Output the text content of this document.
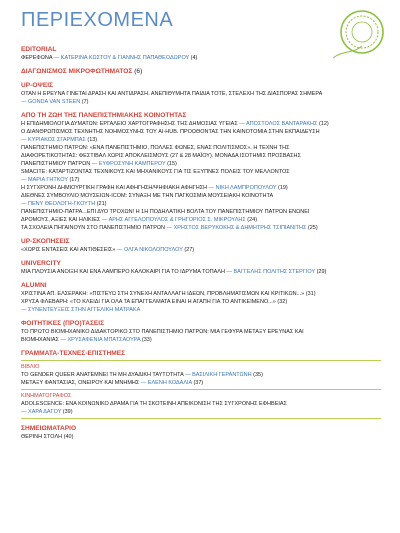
ΠΕΡΙΕΧΟΜΕΝΑ
EDITORIAL
ΦΕΡΕΦΩΝΑ — ΚΑΤΕΡΙΝΑ ΚΩΣΤΟΥ & ΓΙΑΝΝΗΣ ΠΑΠΑΘΕΟΔΩΡΟΥ (4)
ΔΙΑΓΩΝΙΣΜΟΣ ΜΙΚΡΟΦΩΤΗΜΑΤΟΣ (6)
UP-ΟΨΕΙΣ
ΟΤΑΝ Η ΕΡΕΥΝΑ ΓΙΝΕΤΑΙ ΔΡΑΣΗ ΚΑΙ ΑΝΤΙΔΡΑΣΗ. ΑΝΕΠΙΘΥΜΗΤΑ ΠΑΙΔΙΑ ΤΟΤΕ, ΣΤΕΛΕΧΗ ΤΗΣ ΔΙΑΣΠΟΡΑΣ ΣΗΜΕΡΑ
— GONDA VAN STEEN (7)
ΑΠΟ ΤΗ ΖΩΗ ΤΗΣ ΠΑΝΕΠΙΣΤΗΜΙΑΚΗΣ ΚΟΙΝΟΤΗΤΑΣ
Η ΕΠΙΔΗΜΙΟΛΟΓΙΑ ΔΥΜΑΤΩΝ: ΕΡΓΑΛΕΙΟ ΧΑΡΤΟΓΡΑΦΗΣΗΣ ΤΗΣ ΔΗΜΟΣΙΑΣ ΥΓΕΙΑΣ — ΑΠΟΣΤΟΛΟΣ ΒΑΝΤΑΡΑΚΗΣ (12)
Ο ΔΙΑΝΘΡΩΠΙΣΜΟΣ ΤΕΧΝΗΤΗΣ ΝΟΗΜΟΣΥΝΗΣ ΤΟΥ AI-HUB. ΠΡΟΩΘΟΝΤΑΣ ΤΗΝ ΚΑΙΝΟΤΟΜΙΑ ΣΤΗΝ ΕΚΠΑΙΔΕΥΣΗ
— ΚΥΡΙΑΚΟΣ ΣΓΑΡΜΠΑΣ (13)
ΠΑΝΕΠΙΣΤΗΜΙΟ ΠΑΤΡΩΝ: «ΕΝΑ ΠΑΝΕΠΙΣΤΗΜΙΟ, ΠΟΛΛΕΣ ΦΩΝΕΣ, ΕΝΑΣ ΠΟΛΙΤΙΣΜΟΣ». Η ΤΕΧΝΗ ΤΗΣ
ΔΙΑΦΟΡΕΤΙΚΟΤΗΤΑΣ: ΦΕΣΤΙΒΑΛ ΧΩΡΙΣ ΑΠΟΚΛΕΙΣΜΟΥΣ (27 & 28 ΜΑΪΟΥ). ΜΟΝΑΔΑ ΙΣΟΤΗΜΙΣ ΠΡΟΣΒΑΣΗΣ
ΠΑΝΕΠΙΣΤΗΜΙΟΥ ΠΑΤΡΩΝ — ΕΥΦΡΟΣΥΝΗ ΚΑΜΠΕΡΟΥ (15)
SMACITE: ΚΑΤΑΡΤΙΖΟΝΤΑΣ ΤΕΧΝΙΚΟΥΣ ΚΑΙ ΜΗΧΑΝΙΚΟΥΣ ΓΙΑ ΤΙΣ ΕΞΥΠΝΕΣ ΠΟΛΕΙΣ ΤΟΥ ΜΕΛΛΟΝΤΟΣ
— ΜΑΡΙΑ ΓΗΤΚΟΥ (17)
Η ΣΥΓΧΡΟΝΗ ΔΗΜΙΟΥΡΓΙΚΗ ΓΡΑΦΗ ΚΑΙ ΑΦΗΓΗΣΗ/ΨΗΦΙΑΚΗ ΑΦΗΓΗΣΗ — ΝΙΚΗ ΛΑΜΠΡΟΠΟΥΛΟΥ (19)
ΔΙΕΘΝΕΣ ΣΥΜΒΟΥΛΙΟ ΜΟΥΣΕΙΩΝ-ICOM: ΣΥΝΑΞΗ ΜΕ ΤΗΝ ΠΑΓΚΟΣΜΙΑ ΜΟΥΣΕΙΑΚΗ ΚΟΙΝΟΤΗΤΑ
— ΠΕΝΥ ΘΕΟΛΟΓΗ-ΓΚΟΥΤΗ (21)
ΠΑΝΕΠΙΣΤΗΜΙΟ-ΠΑΤΡΑ...ΕΠΙ ΔΥΟ ΤΡΟΧΩΝ! Η 1Η ΠΟΔΗΛΑΤΙΚΗ ΒΟΛΤΑ ΤΟΥ ΠΑΝΕΠΙΣΤΗΜΙΟΥ ΠΑΤΡΩΝ ΕΝΩΝΕΙ
ΔΡΟΜΟΥΣ, ΑΞΙΕΣ ΚΑΙ ΗΛΙΚΙΕΣ — ΑΡΗΣ ΑΓΓΕΛΟΠΟΥΛΟΣ & ΓΡΗΓΟΡΙΟΣ Σ. ΜΙΚΡΟΥΛΗΣ (24)
ΤΑ ΣΧΟΛΕΙΑ ΠΗΓΑΙΝΟΥΝ ΣΤΟ ΠΑΝΕΠΙΣΤΗΜΙΟ ΠΑΤΡΩΝ — ΧΡΗΣΤΟΣ ΒΕΡΥΚΟΚΗΣ & ΔΗΜΗΤΡΗΣ ΤΣΙΠΙΑΝΙΤΗΣ (25)
UP-ΣΚΟΠΗΣΕΙΣ
«ΧΩΡΙΣ ΕΝΤΑΣΕΙΣ ΚΑΙ ΑΝΤΙΘΕΣΕΙΣ» — ΟΛΓΑ ΝΙΚΟΛΟΠΟΥΛΟΥ (27)
UNIVERCITY
ΜΙΑ ΠΛΟΥΣΙΑ ΑΝΟΙΞΗ ΚΑΙ ΕΝΑ ΛΑΜΠΕΡΟ ΚΑΛΟΚΑΙΡΙ ΓΙΑ ΤΟ ΙΔΡΥΜΑ ΤΟΠΑΛΗ — ΒΑΓΓΕΛΗΣ ΠΟΛΙΤΗΣ ΣΤΕΡΓΙΟΥ (29)
ALUMNI
ΧΡΙΣΤΙΝΑ ΑΠ. ΕΛΣΕΡΑΚΗ: «ΠΙΣΤΕΥΩ ΣΤΗ ΣΥΝΕΧΗ ΑΝΤΑΛΛΑΓΗ ΙΔΕΩΝ, ΠΡΟΒΛΗΜΑΤΙΣΜΩΝ ΚΑΙ ΚΡΙΤΙΚΩΝ...» (31)
ΧΡΥΣΑ ΦΛΕΒΑΡΗ: «ΤΟ ΚΛΕΙΔΙ ΓΙΑ ΟΛΑ ΤΑ ΕΠΑΓΓΕΛΜΑΤΑ ΕΙΝΑΙ Η ΑΓΑΠΗ ΓΙΑ ΤΟ ΑΝΤΙΚΕΙΜΕΝΟ...» (32)
— ΣΥΝΕΝΤΕΥΞΕΙΣ ΣΤΗΝ ΑΓΓΕΛΙΚΗ ΜΑΤΡΑΚΑ
ΦΟΙΤΗΤΙΚΕΣ (ΠΡΟ)ΤΑΣΕΙΣ
ΤΟ ΠΡΩΤΟ ΒΙΟΜΗΧΑΝΙΚΟ ΔΙΔΑΚΤΟΡΙΚΟ ΣΤΟ ΠΑΝΕΠΙΣΤΗΜΙΟ ΠΑΤΡΩΝ: ΜΙΑ ΓΕΦΥΡΑ ΜΕΤΑΞΥ ΕΡΕΥΝΑΣ ΚΑΙ
ΒΙΟΜΗΧΑΝΙΑΣ — ΧΡΥΣΑΦΕΝΙΑ ΜΠΑΤΣΑΟΥΡΑ (33)
ΓΡΑΜΜΑΤΑ-ΤΕΧΝΕΣ-ΕΠΙΣΤΗΜΕΣ
ΒΙΒΛΙΟ
ΤΟ GENDER QUEER ΑΝΑΤΕΜΝΕΙ ΤΗ ΜΗ ΔΥΑΔΙΚΗ ΤΑΥΤΟΤΗΤΑ — ΒΑΣΙΛΙΚΗ ΓΕΡΑΝΤΩΝΗ (35)
ΜΕΤΑΞΥ ΦΑΝΤΑΣΙΑΣ, ΟΝΕΙΡΟΥ ΚΑΙ ΜΝΗΜΗΣ — ΕΛΕΝΗ ΚΟΔΑΛΙΑ (37)
ΚΙΝΗΜΑΤΟΓΡΑΦΟΣ
ADOLESCENCE: ΕΝΑ ΚΟΙΝΩΝΙΚΟ ΔΡΑΜΑ ΓΙΑ ΤΗ ΣΚΟΤΕΙΝΗ ΑΠΕΙΚΟΝΙΣΗ ΤΗΣ ΣΥΓΧΡΟΝΗΣ ΕΦΗΒΕΙΑΣ
— ΧΑΡΑ ΔΑΓΟΥ (39)
ΣΗΜΕΙΩΜΑΤΑΡΙΟ
ΘΕΡΙΝΗ ΣΤΟΛΗ (40)
